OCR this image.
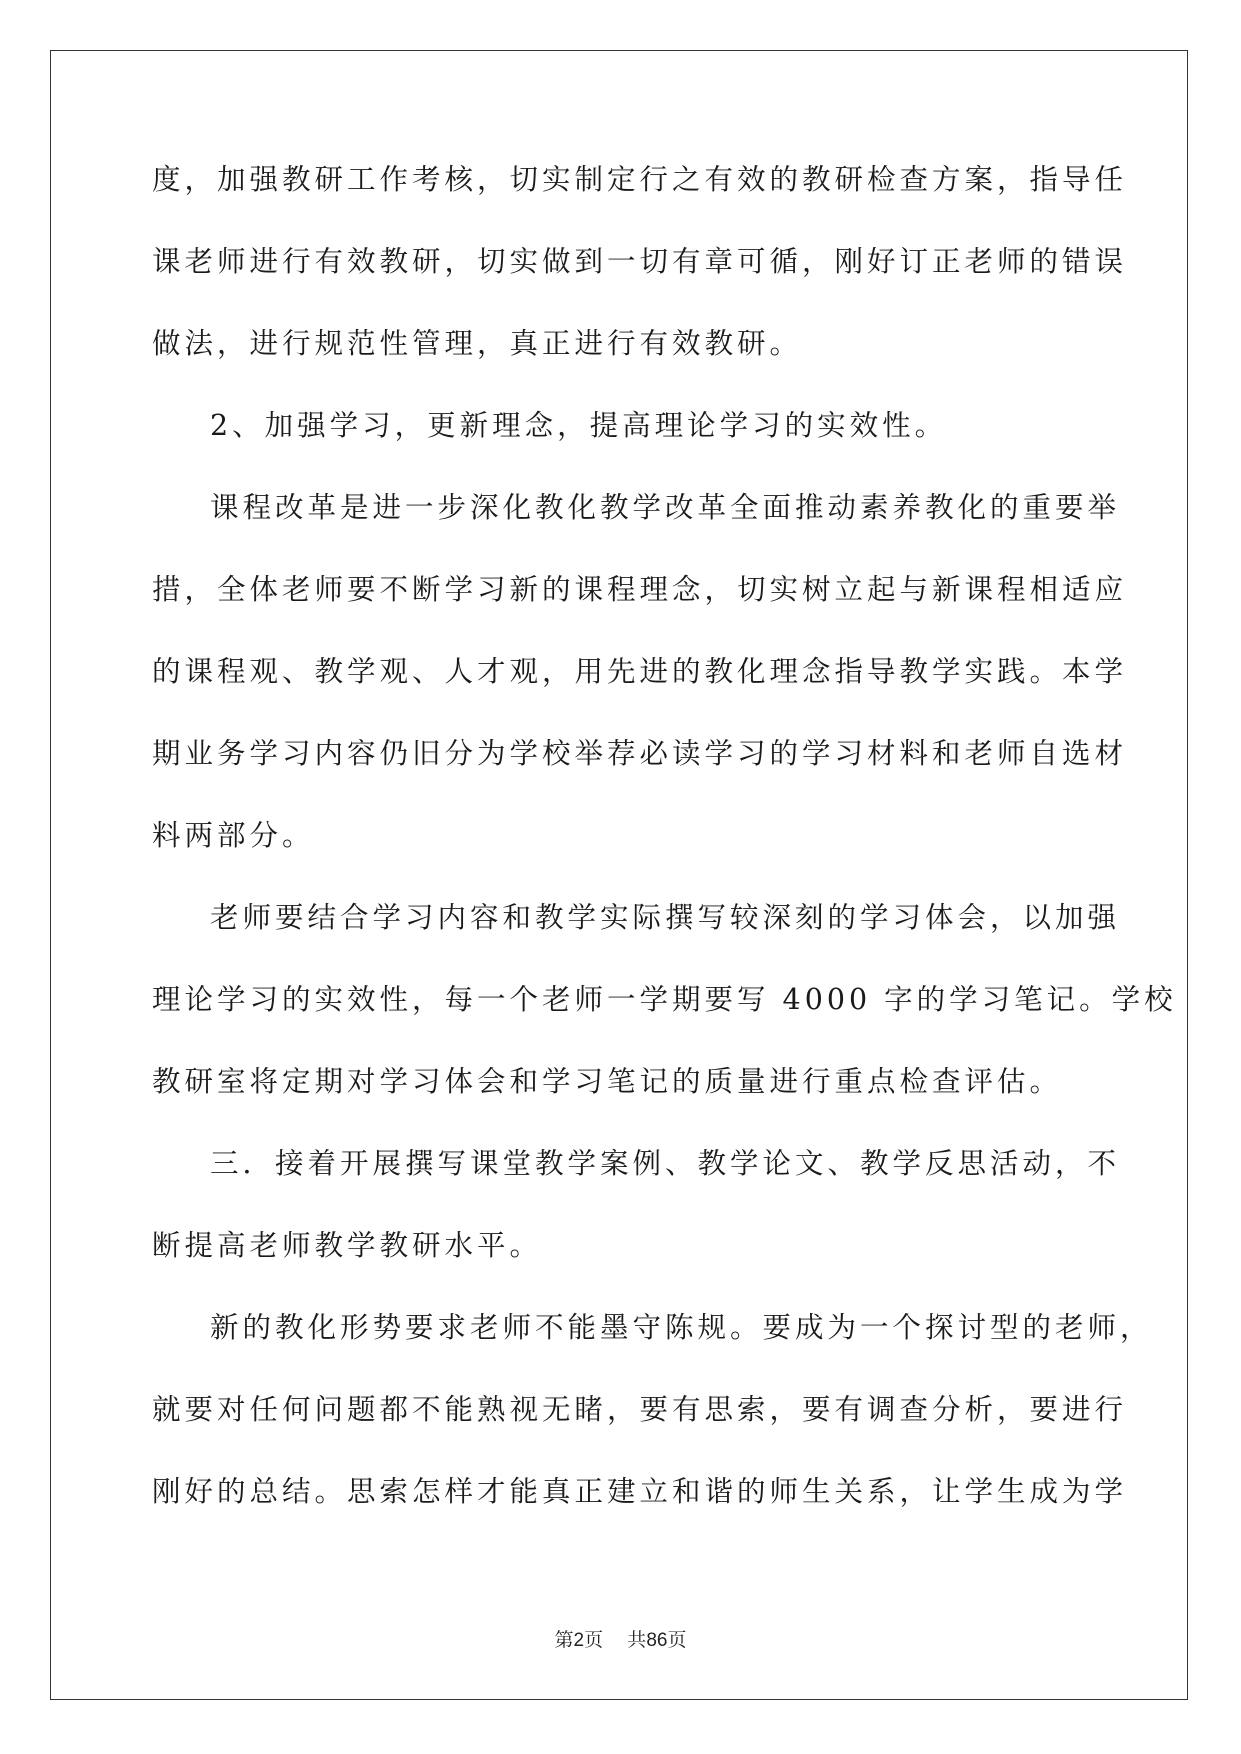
度，加强教研工作考核，切实制定行之有效的教研检查方案，指导任
课老师进行有效教研，切实做到一切有章可循，刚好订正老师的错误
做法，进行规范性管理，真正进行有效教研。
2、加强学习，更新理念，提高理论学习的实效性。
课程改革是进一步深化教化教学改革全面推动素养教化的重要举
措，全体老师要不断学习新的课程理念，切实树立起与新课程相适应
的课程观、教学观、人才观，用先进的教化理念指导教学实践。本学
期业务学习内容仍旧分为学校举荐必读学习的学习材料和老师自选材
料两部分。
老师要结合学习内容和教学实际撰写较深刻的学习体会，以加强
理论学习的实效性，每一个老师一学期要写 4000 字的学习笔记。学校
教研室将定期对学习体会和学习笔记的质量进行重点检查评估。
三．接着开展撰写课堂教学案例、教学论文、教学反思活动，不
断提高老师教学教研水平。
新的教化形势要求老师不能墨守陈规。要成为一个探讨型的老师，
就要对任何问题都不能熟视无睹，要有思索，要有调查分析，要进行
刚好的总结。思索怎样才能真正建立和谐的师生关系，让学生成为学
第2页 共86页
